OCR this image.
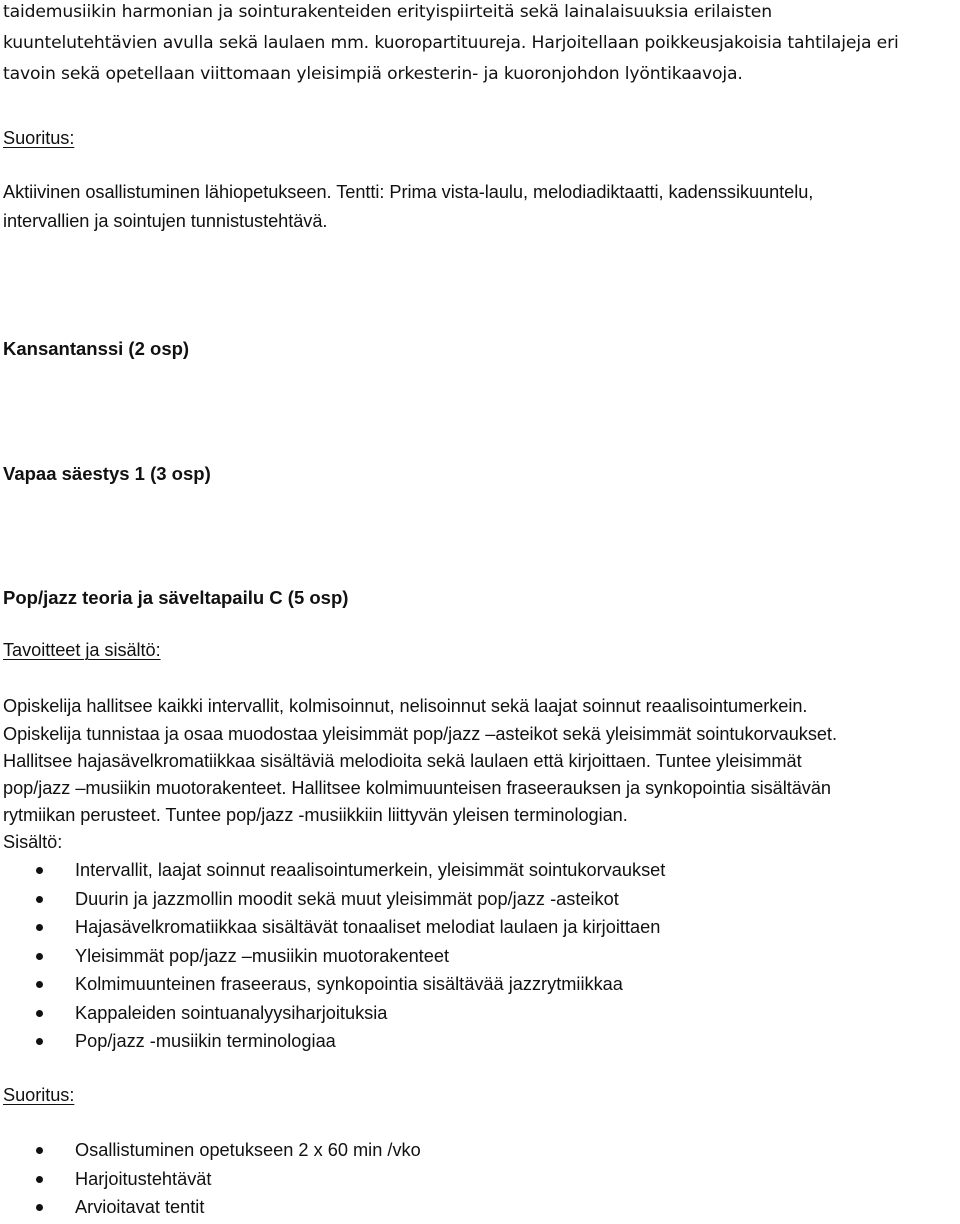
taidemusiikin harmonian ja sointurakenteiden erityispiirteitä sekä lainalaisuuksia erilaisten
kuuntelutehtävien avulla sekä laulaen mm. kuoropartituureja. Harjoitellaan poikkeusjakoisia tahtilajeja eri
tavoin sekä opetellaan viittomaan yleisimpiä orkesterin- ja kuoronjohdon lyöntikaavoja.
Suoritus:
Aktiivinen osallistuminen lähiopetukseen. Tentti: Prima vista-laulu, melodiadiktaatti, kadenssikuuntelu,
intervallien ja sointujen tunnistustehtävä.
Kansantanssi (2 osp)
Vapaa säestys 1 (3 osp)
Pop/jazz teoria ja säveltapailu C (5 osp)
Tavoitteet ja sisältö:
Opiskelija hallitsee kaikki intervallit, kolmisoinnut, nelisoinnut sekä laajat soinnut reaalisointumerkein.
Opiskelija tunnistaa ja osaa muodostaa yleisimmät pop/jazz –asteikot sekä yleisimmät sointukorvaukset.
Hallitsee hajasävelkromatiikkaa sisältäviä melodioita sekä laulaen että kirjoittaen. Tuntee yleisimmät
pop/jazz –musiikin muotorakenteet. Hallitsee kolmimuunteisen fraseerauksen ja synkopointia sisältävän
rytmiikan perusteet. Tuntee pop/jazz -musiikkiin liittyvän yleisen terminologian.
Sisältö:
Intervallit, laajat soinnut reaalisointumerkein, yleisimmät sointukorvaukset
Duurin ja jazzmollin moodit sekä muut yleisimmät pop/jazz -asteikot
Hajasävelkromatiikkaa sisältävät tonaaliset melodiat laulaen ja kirjoittaen
Yleisimmät pop/jazz –musiikin muotorakenteet
Kolmimuunteinen fraseeraus, synkopointia sisältävää jazzrytmiikkaa
Kappaleiden sointuanalyysiharjoituksia
Pop/jazz -musiikin terminologiaa
Suoritus:
Osallistuminen opetukseen 2 x 60 min /vko
Harjoitustehtävät
Arvioitavat tentit
